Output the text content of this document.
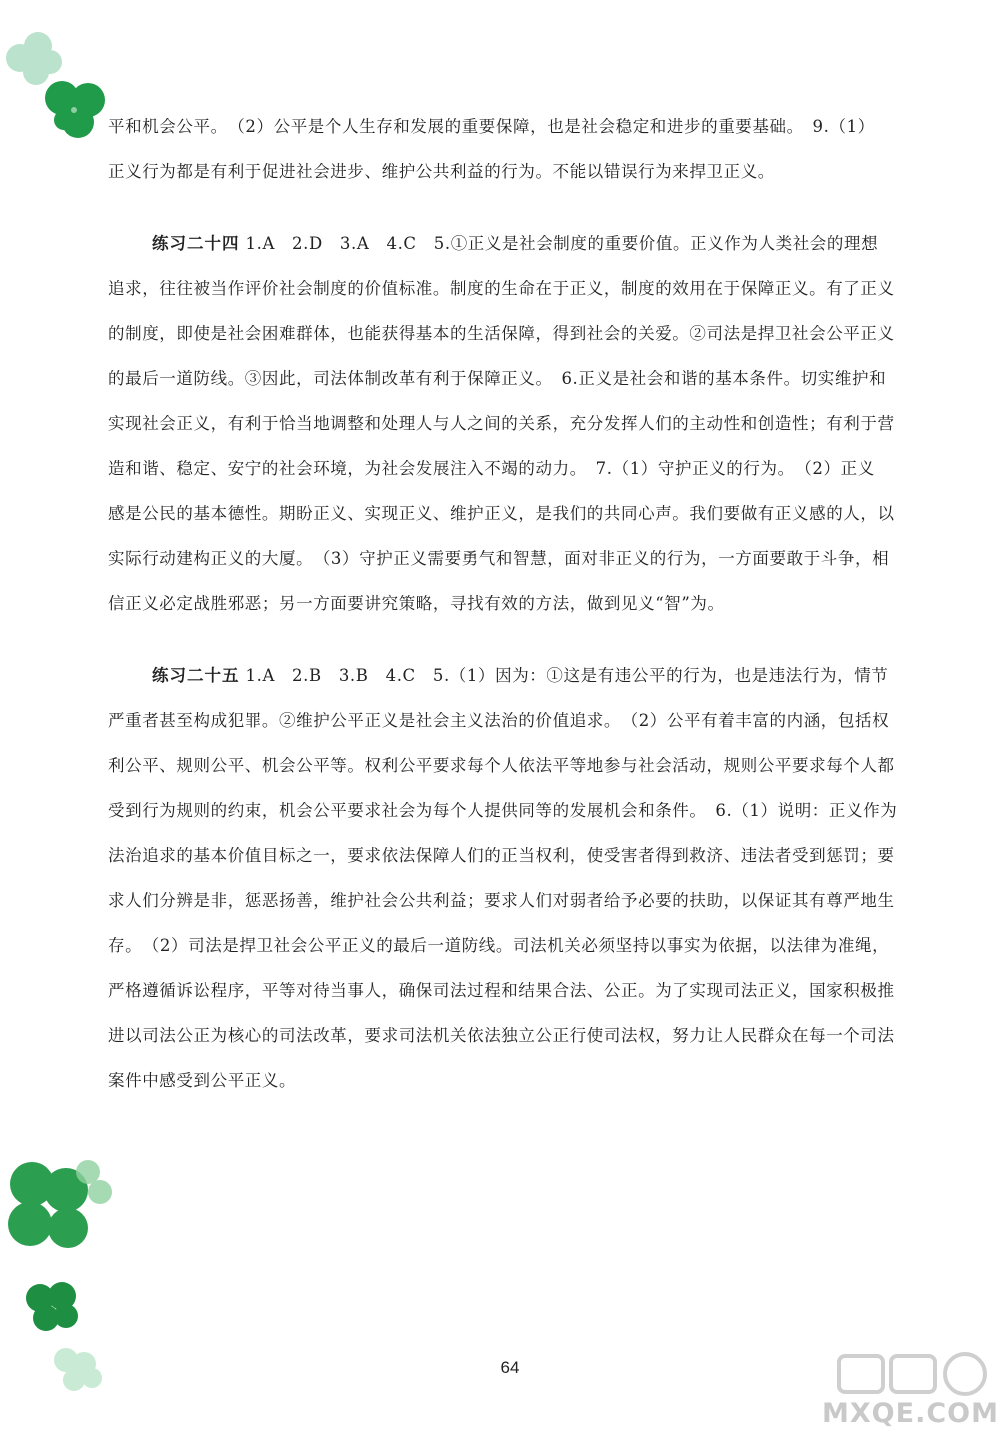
平和机会公平。　（2）公平是个人生存和发展的重要保障，也是社会稳定和进步的重要基础。　9.（1）
正义行为都是有利于促进社会进步、维护公共利益的行为。不能以错误行为来捍卫正义。
练习二十四 1.A　2.D　3.A　4.C　5.①正义是社会制度的重要价值。正义作为人类社会的理想
追求，往往被当作评价社会制度的价值标准。制度的生命在于正义，制度的效用在于保障正义。有了正义
的制度，即使是社会困难群体，也能获得基本的生活保障，得到社会的关爱。②司法是捍卫社会公平正义
的最后一道防线。③因此，司法体制改革有利于保障正义。　6.正义是社会和谐的基本条件。切实维护和
实现社会正义，有利于恰当地调整和处理人与人之间的关系，充分发挥人们的主动性和创造性；有利于营
造和谐、稳定、安宁的社会环境，为社会发展注入不竭的动力。　7.（1）守护正义的行为。　（2）正义
感是公民的基本德性。期盼正义、实现正义、维护正义，是我们的共同心声。我们要做有正义感的人，以
实际行动建构正义的大厦。　（3）守护正义需要勇气和智慧，面对非正义的行为，一方面要敢于斗争，相
信正义必定战胜邪恶；另一方面要讲究策略，寻找有效的方法，做到见义“智”为。
练习二十五 1.A　2.B　3.B　4.C　5.（1）因为：①这是有违公平的行为，也是违法行为，情节
严重者甚至构成犯罪。②维护公平正义是社会主义法治的价值追求。　（2）公平有着丰富的内涵，包括权
利公平、规则公平、机会公平等。权利公平要求每个人依法平等地参与社会活动，规则公平要求每个人都
受到行为规则的约束，机会公平要求社会为每个人提供同等的发展机会和条件。　6.（1）说明：正义作为
法治追求的基本价值目标之一，要求依法保障人们的正当权利，使受害者得到救济、违法者受到惩罚；要
求人们分辨是非，惩恶扬善，维护社会公共利益；要求人们对弱者给予必要的扶助，以保证其有尊严地生
存。　（2）司法是捍卫社会公平正义的最后一道防线。司法机关必须坚持以事实为依据，以法律为准绳，
严格遵循诉讼程序，平等对待当事人，确保司法过程和结果合法、公正。为了实现司法正义，国家积极推
进以司法公正为核心的司法改革，要求司法机关依法独立公正行使司法权，努力让人民群众在每一个司法
案件中感受到公平正义。
64
MXQE.COM
